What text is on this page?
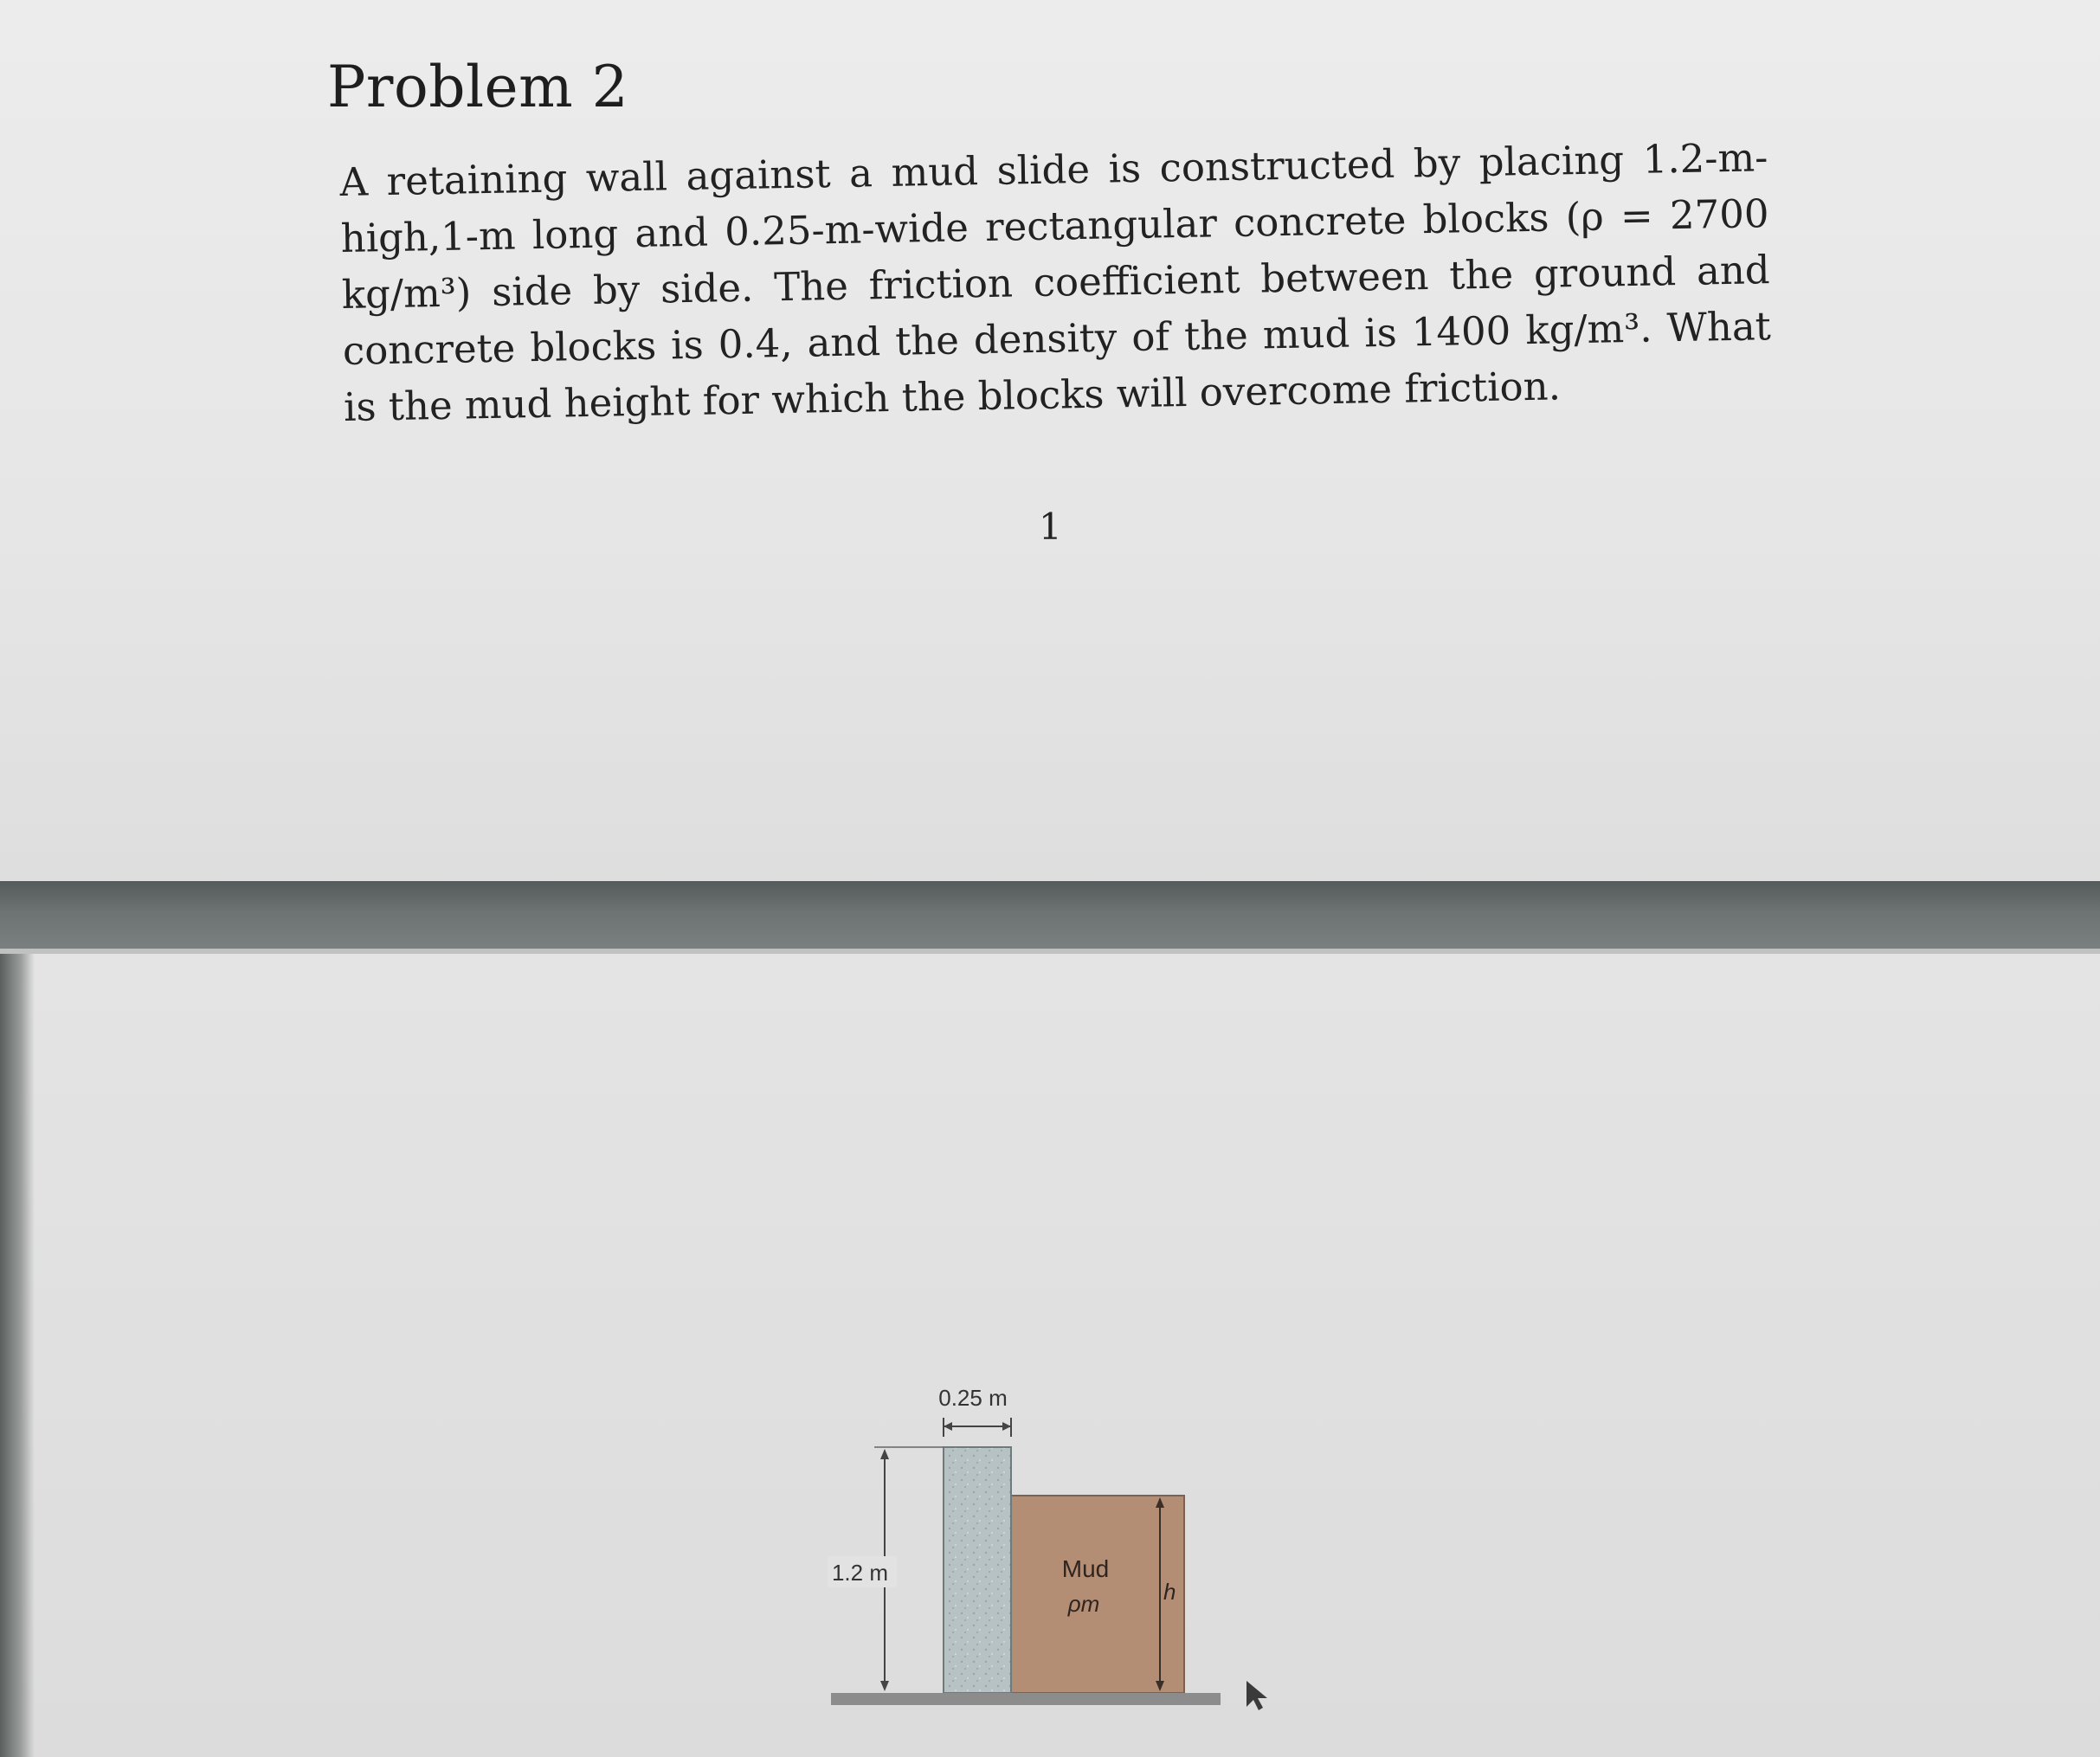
Problem 2

A retaining wall against a mud slide is constructed by placing 1.2-m-high,1-m long and 0.25-m-wide rectangular concrete blocks (ρ = 2700 kg/m³) side by side. The friction coefficient between the ground and concrete blocks is 0.4, and the density of the mud is 1400 kg/m³. What is the mud height for which the blocks will overcome friction.

1
0.25 m
1.2 m
h
Mud
ρm
